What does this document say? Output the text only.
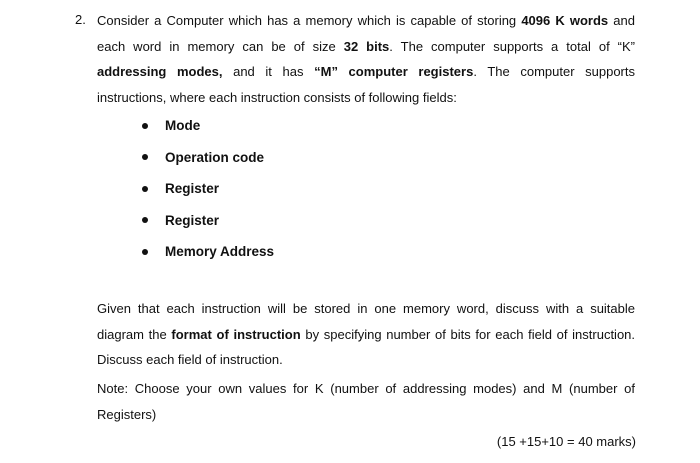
2. Consider a Computer which has a memory which is capable of storing 4096 K words and each word in memory can be of size 32 bits. The computer supports a total of “K” addressing modes, and it has “M” computer registers. The computer supports instructions, where each instruction consists of following fields:
Mode
Operation code
Register
Register
Memory Address
Given that each instruction will be stored in one memory word, discuss with a suitable diagram the format of instruction by specifying number of bits for each field of instruction. Discuss each field of instruction.
Note: Choose your own values for K (number of addressing modes) and M (number of Registers)
(15 +15+10 = 40 marks)
